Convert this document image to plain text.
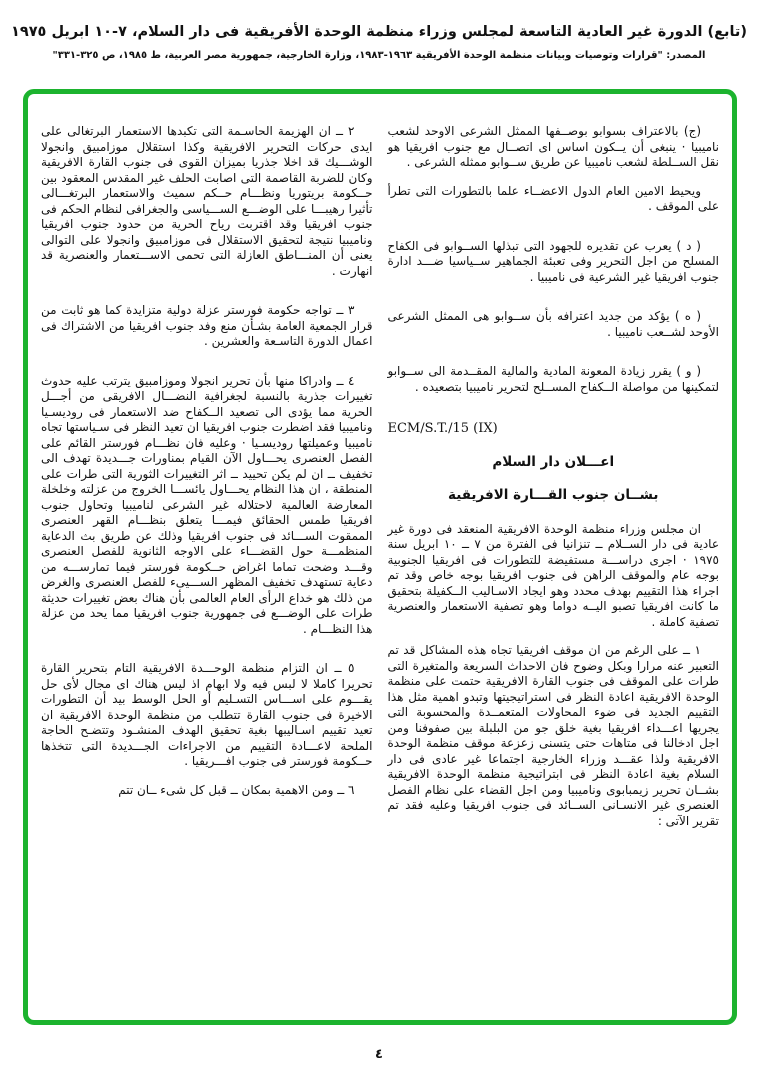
(تابع) الدورة غير العادية التاسعة لمجلس وزراء منظمة الوحدة الأفريقية فى دار السلام، ٧-١٠ ابريل ١٩٧٥
المصدر: "قرارات وتوصيات وبيانات منظمة الوحدة الأفريقية ١٩٦٣-١٩٨٣، وزارة الخارجية، جمهورية مصر العربية، ط ١٩٨٥، ص ٣٢٥-٣٣١"

(ج) بالاعتراف بسوابو بوصــفها الممثل الشرعى الاوحد لشعب ناميبيا · ينبغى أن يــكون اساس اى اتصــال مع جنوب افريقيا هو نقل الســلطة لشعب ناميبيا عن طريق ســوابو ممثله الشرعى .

ويحيط الامين العام الدول الاعضــاء علما بالتطورات التى تطرأ على الموقف .

( د ) يعرب عن تقديره للجهود التى تبذلها الســوابو فى الكفاح المسلح من اجل التحرير وفى تعبئة الجماهير ســياسيا ضـــد ادارة جنوب افريقيا غير الشرعية فى ناميبيا .

( ه ) يؤكد من جديد اعترافه بأن ســوابو هى الممثل الشرعى الأوحد لشــعب ناميبيا .

( و ) يقرر زيادة المعونة المادية والمالية المقــدمة الى ســوابو لتمكينها من مواصلة الــكفاح المســلح لتحرير ناميبيا بتصعيده .

ECM/S.T./15 (IX)

اعـــلان دار السلام

بشــان جنوب القـــارة الافريقية

ان مجلس وزراء منظمة الوحدة الافريقية المنعقد فى دورة غير عادية فى دار الســلام ــ تنزانيا فى الفترة من ٧ ــ ١٠ ابريل سنة ١٩٧٥ · اجرى دراســـة مستفيضة للتطورات فى افريقيا الجنوبية بوجه عام والموقف الراهن فى جنوب افريقيا بوجه خاص وقد تم اجراء هذا التقييم بهدف محدد وهو ايجاد الاسـاليب الــكفيلة بتحقيق ما كانت افريقيا تصبو اليــه دواما وهو تصفية الاستعمار والعنصرية تصفية كاملة .

١ ــ على الرغم من ان موقف افريقيا تجاه هذه المشاكل قد تم التعبير عنه مرارا وبكل وضوح فان الاحداث السريعة والمتغيرة التى طرات على الموقف فى جنوب القارة الافريقية حتمت على منظمة الوحدة الافريقية اعادة النظر فى استراتيجيتها وتبدو اهمية مثل هذا التقييم الجديد فى ضوء المحاولات المتعمــدة والمحسوبة التى يجريها اعـــداء افريقيا بغية خلق جو من البلبلة بين صفوفنا ومن اجل ادخالنا فى متاهات حتى يتسنى زعزعة موقف منظمة الوحدة الافريقية ولذا عقـــد وزراء الخارجية اجتماعا غير عادى فى دار السلام بغية اعادة النظر فى ابتراتيجية منظمة الوحدة الافريقية بشــان تحرير زيمبابوى وناميبيا ومن اجل القضاء على نظام الفصل العنصرى غير الانسـانى الســائد فى جنوب افريقيا وعليه فقد تم تقرير الآتى :

٢ ــ ان الهزيمة الحاسـمة التى تكبدها الاستعمار البرتغالى على ايدى حركات التحرير الافريقية وكذا استقلال موزامبيق وانجولا الوشـــيك قد اخلا جذريا بميزان القوى فى جنوب القارة الافريقية وكان للضربة القاصمة التى اصابت الحلف غير المقدس المعقود بين حــكومة بريتوريا ونظـــام حــكم سميث والاستعمار البرتغـــالى تأثيرا رهيبـــا على الوضـــع الســـياسى والجغرافى لنظام الحكم فى جنوب افريقيا وقد اقتربت رياح الحرية من حدود جنوب افريقيا وناميبيا نتيجة لتحقيق الاستقلال فى موزامبيق وانجولا على التوالى يعنى أن المنـــاطق العازلة التى تحمى الاســـتعمار والعنصرية قد انهارت .

٣ ــ تواجه حكومة فورستر عزلة دولية متزايدة كما هو ثابت من قرار الجمعية العامة بشـأن منع وفد جنوب افريقيا من الاشتراك فى اعمال الدورة التاسـعة والعشرين .

٤ ــ وادراكا منها بأن تحرير انجولا وموزامبيق يترتب عليه حدوث تغييرات جذرية بالنسبة لجغرافية النضـــال الافريقى من أجـــل الحرية مما يؤدى الى تصعيد الــكفاح ضد الاستعمار فى روديسـيا وناميبيا فقد اضطرت جنوب افريقيا ان تعيد النظر فى سـياستها تجاه ناميبيا وعميلتها روديسـيا · وعليه فان نظـــام فورستر القائم على الفصل العنصرى يحـــاول الآن القيام بمناورات جـــديدة تهدف الى تخفيف ــ ان لم يكن تحييد ــ اثر التغييرات الثورية التى طرات على المنطقة ، ان هذا النظام يحـــاول يائســـا الخروج من عزلته وخلخلة المعارضة العالمية لاحتلاله غير الشرعى لناميبيا وتحاول جنوب افريقيا طمس الحقائق فيمـــا يتعلق بنظـــام القهر العنصرى الممقوت الســـائد فى جنوب افريقيا وذلك عن طريق بث الدعاية المنظمـــة حول القضـــاء على الاوجه الثانوية للفصل العنصرى وقـــد وضحت تماما اغراض حــكومة فورستر فيما تمارســـه من دعاية تستهدف تخفيف المظهر الســـيىء للفصل العنصرى والغرض من ذلك هو خداع الرأى العام العالمى بأن هناك بعض تغييرات حديثة طرات على الوضـــع فى جمهورية جنوب افريقيا مما يحد من عزلة هذا النظـــام .

٥ ــ ان التزام منظمة الوحـــدة الافريقية التام بتحرير القارة تحريرا كاملا لا لبس فيه ولا ابهام اذ ليس هناك اى مجال لأى حل يقـــوم على اســـاس التسـليم أو الحل الوسط بيد أن التطورات الاخيرة فى جنوب القارة تتطلب من منظمة الوحدة الافريقية ان تعيد تقييم اسـاليبها بغية تحقيق الهدف المنشـود وتتضـح الحاجة الملحة لاعـــادة التقييم من الاجراءات الجـــديدة التى تتخذها حــكومة فورستر فى جنوب افـــريقيا .

٦ ــ ومن الاهمية بمكان ــ قبل كل شىء ــان تتم

٤
